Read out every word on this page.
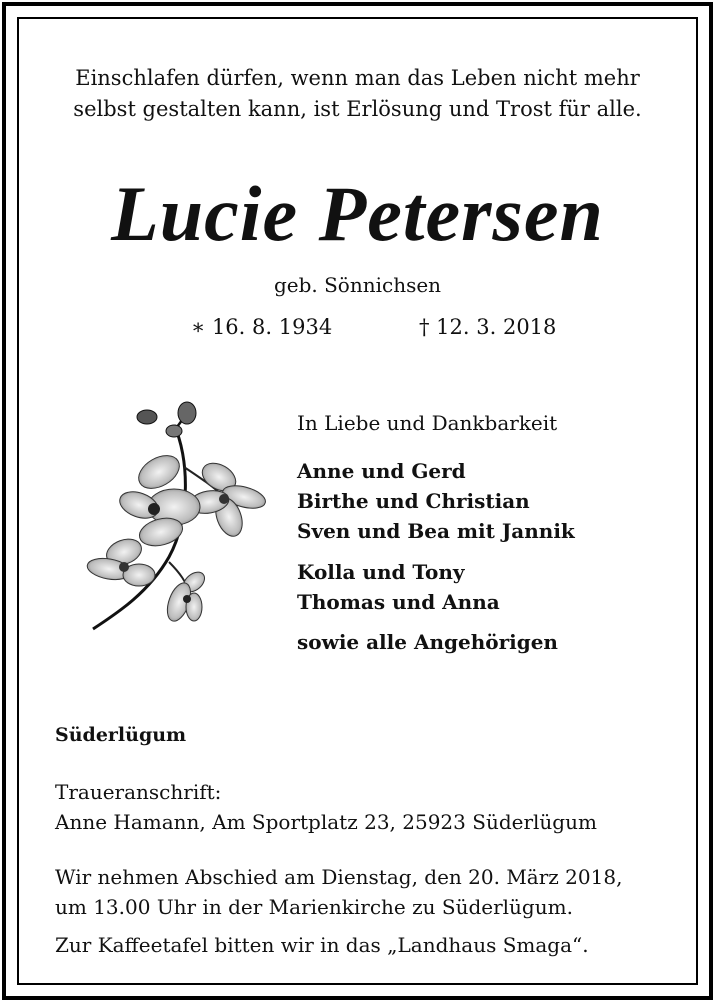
Einschlafen dürfen, wenn man das Leben nicht mehr
selbst gestalten kann, ist Erlösung und Trost für alle.
Lucie Petersen
geb. Sönnichsen
∗ 16. 8. 1934	† 12. 3. 2018
In Liebe und Dankbarkeit
Anne und Gerd
Birthe und Christian
Sven und Bea mit Jannik
Kolla und Tony
Thomas und Anna
sowie alle Angehörigen
Süderlügum
Traueranschrift:
Anne Hamann, Am Sportplatz 23, 25923 Süderlügum
Wir nehmen Abschied am Dienstag, den 20. März 2018,
um 13.00 Uhr in der Marienkirche zu Süderlügum.
Zur Kaffeetafel bitten wir in das „Landhaus Smaga“.
